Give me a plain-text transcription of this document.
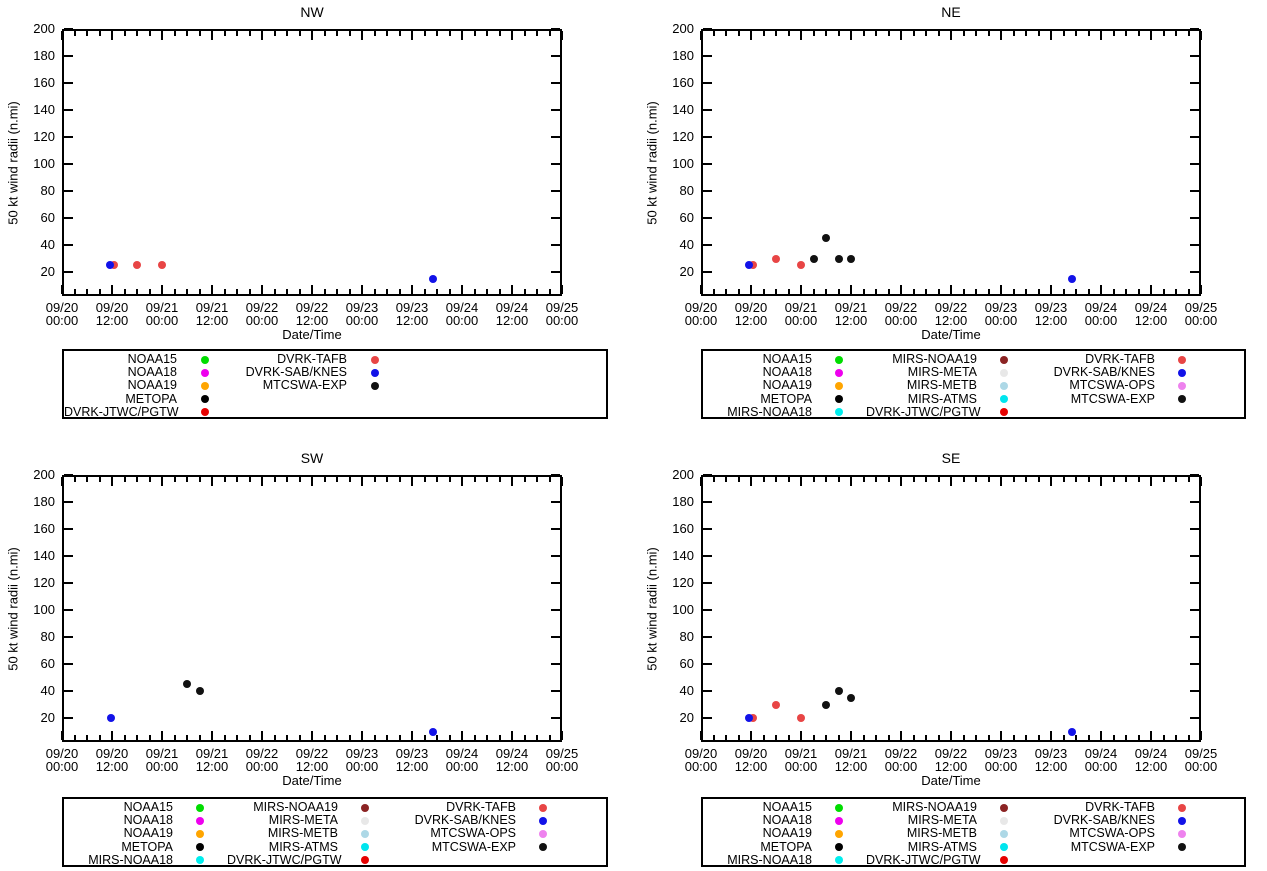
NW
50 kt wind radii (n.mi)
Date/Time
200
180
160
140
120
100
80
60
40
20
09/20
00:00
09/20
12:00
09/21
00:00
09/21
12:00
09/22
00:00
09/22
12:00
09/23
00:00
09/23
12:00
09/24
00:00
09/24
12:00
09/25
00:00
NOAA15	DVRK-TAFB
NOAA18	DVRK-SAB/KNES
NOAA19	MTCSWA-EXP
METOPA
DVRK-JTWC/PGTW
NE
50 kt wind radii (n.mi)
Date/Time
200
180
160
140
120
100
80
60
40
20
09/20
00:00
09/20
12:00
09/21
00:00
09/21
12:00
09/22
00:00
09/22
12:00
09/23
00:00
09/23
12:00
09/24
00:00
09/24
12:00
09/25
00:00
NOAA15	MIRS-NOAA19	DVRK-TAFB
NOAA18	MIRS-META	DVRK-SAB/KNES
NOAA19	MIRS-METB	MTCSWA-OPS
METOPA	MIRS-ATMS	MTCSWA-EXP
MIRS-NOAA18	DVRK-JTWC/PGTW
SW
50 kt wind radii (n.mi)
Date/Time
200
180
160
140
120
100
80
60
40
20
09/20
00:00
09/20
12:00
09/21
00:00
09/21
12:00
09/22
00:00
09/22
12:00
09/23
00:00
09/23
12:00
09/24
00:00
09/24
12:00
09/25
00:00
NOAA15	MIRS-NOAA19	DVRK-TAFB
NOAA18	MIRS-META	DVRK-SAB/KNES
NOAA19	MIRS-METB	MTCSWA-OPS
METOPA	MIRS-ATMS	MTCSWA-EXP
MIRS-NOAA18	DVRK-JTWC/PGTW
SE
50 kt wind radii (n.mi)
Date/Time
200
180
160
140
120
100
80
60
40
20
09/20
00:00
09/20
12:00
09/21
00:00
09/21
12:00
09/22
00:00
09/22
12:00
09/23
00:00
09/23
12:00
09/24
00:00
09/24
12:00
09/25
00:00
NOAA15	MIRS-NOAA19	DVRK-TAFB
NOAA18	MIRS-META	DVRK-SAB/KNES
NOAA19	MIRS-METB	MTCSWA-OPS
METOPA	MIRS-ATMS	MTCSWA-EXP
MIRS-NOAA18	DVRK-JTWC/PGTW
